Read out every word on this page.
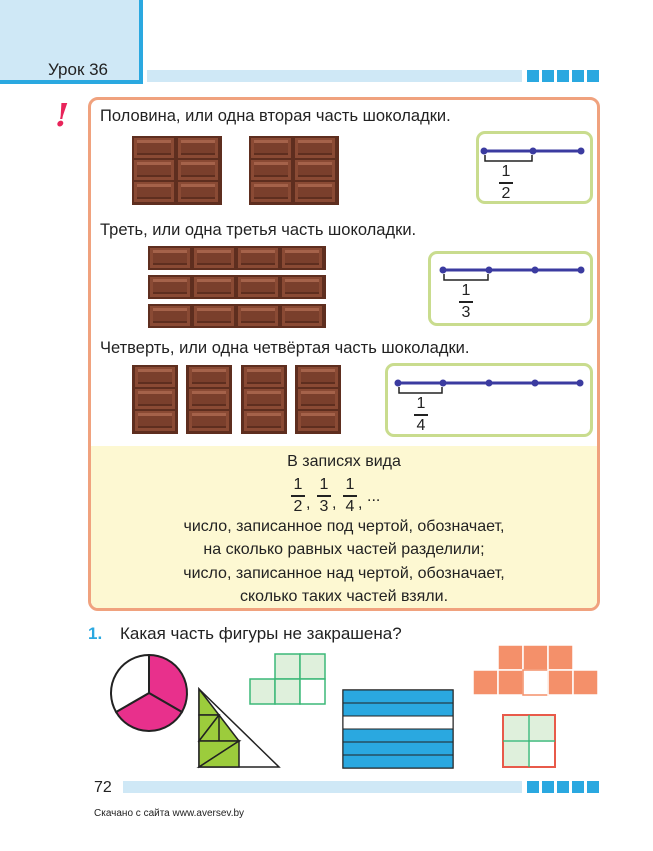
Урок 36
! Половина, или одна вторая часть шоколадки.
1
2
Треть, или одна третья часть шоколадки.
1
3
Четверть, или одна четвёртая часть шоколадки.
1
4
В записях вида
1
2 ,
1
3 ,
1
4 , ...
число, записанное под чертой, обозначает,
на сколько равных частей разделили;
число, записанное над чертой, обозначает,
сколько таких частей взяли.
1. Какая часть фигуры не закрашена?
72
Скачано с сайта www.aversev.by
